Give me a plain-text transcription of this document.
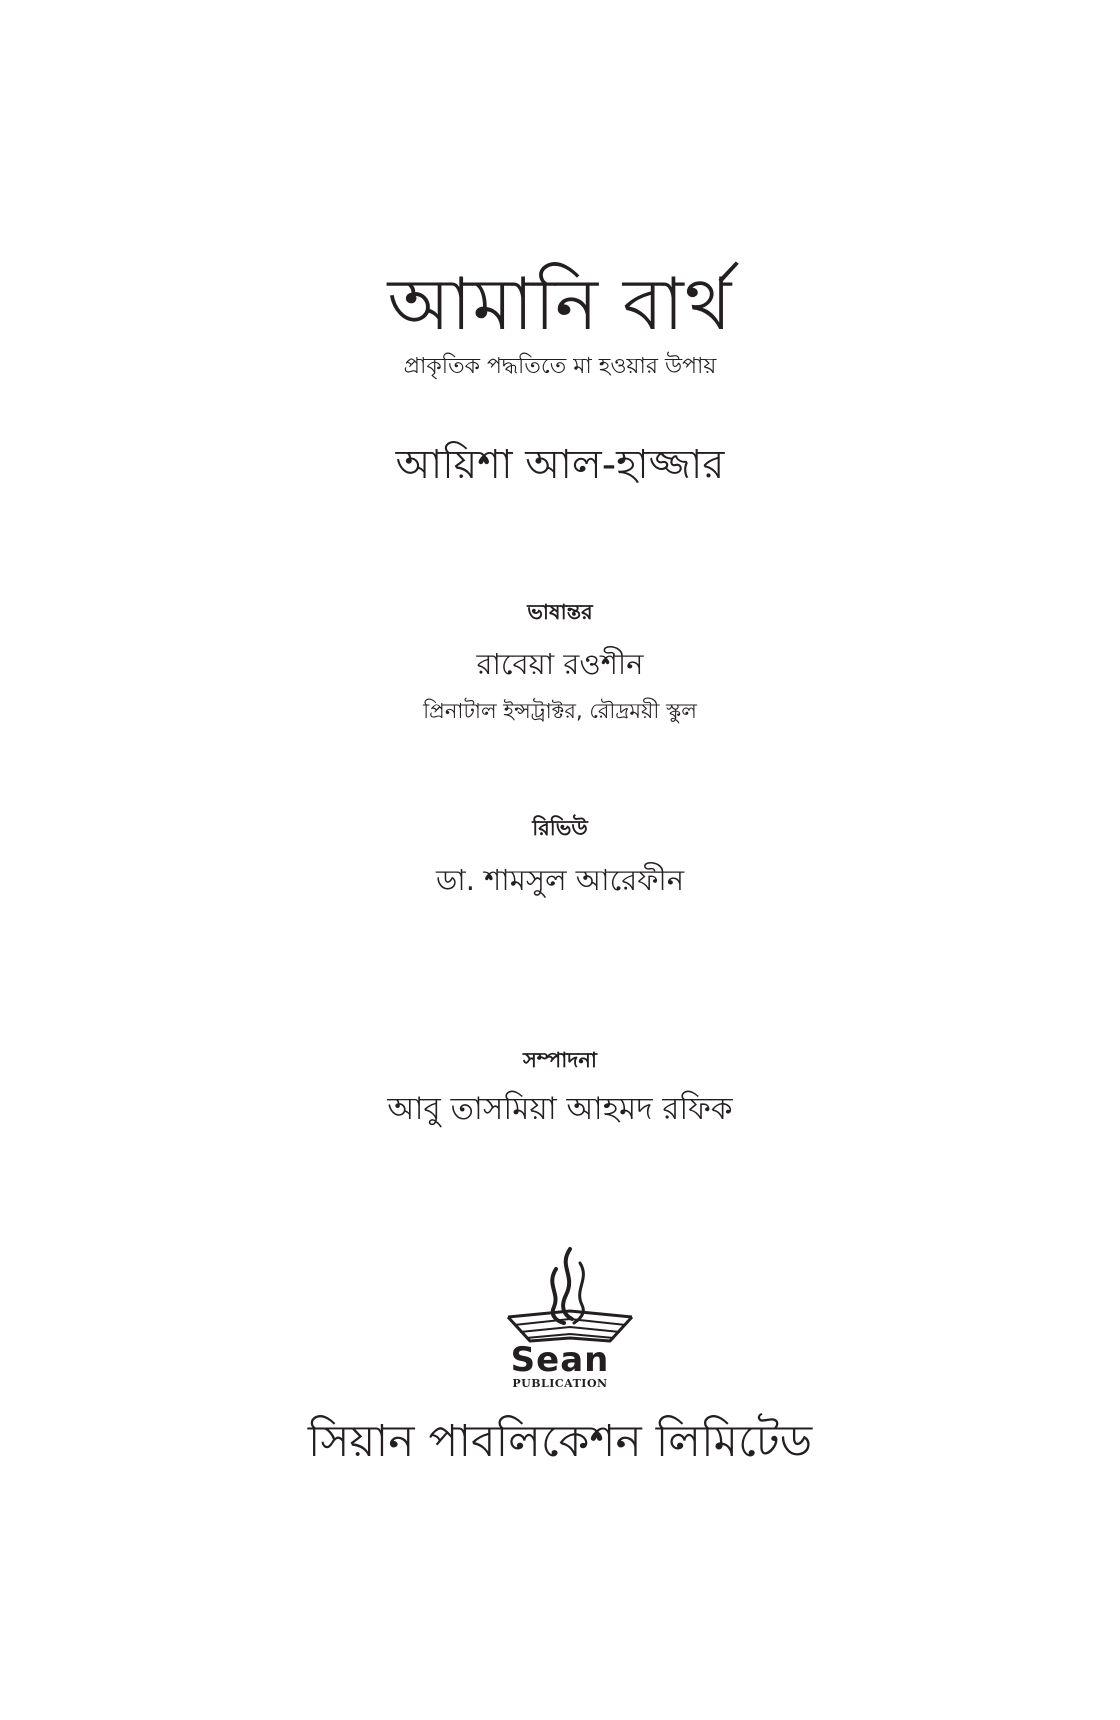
আমানি বার্থ
প্রাকৃতিক পদ্ধতিতে মা হওয়ার উপায়
আয়িশা আল-হাজ্জার
ভাষান্তর
রাবেয়া রওশীন
প্রিনাটাল ইন্সট্রাক্টর, রৌদ্রময়ী স্কুল
রিভিউ
ডা. শামসুল আরেফীন
সম্পাদনা
আবু তাসমিয়া আহমদ রফিক
Sean
PUBLICATION
সিয়ান পাবলিকেশন লিমিটেড
